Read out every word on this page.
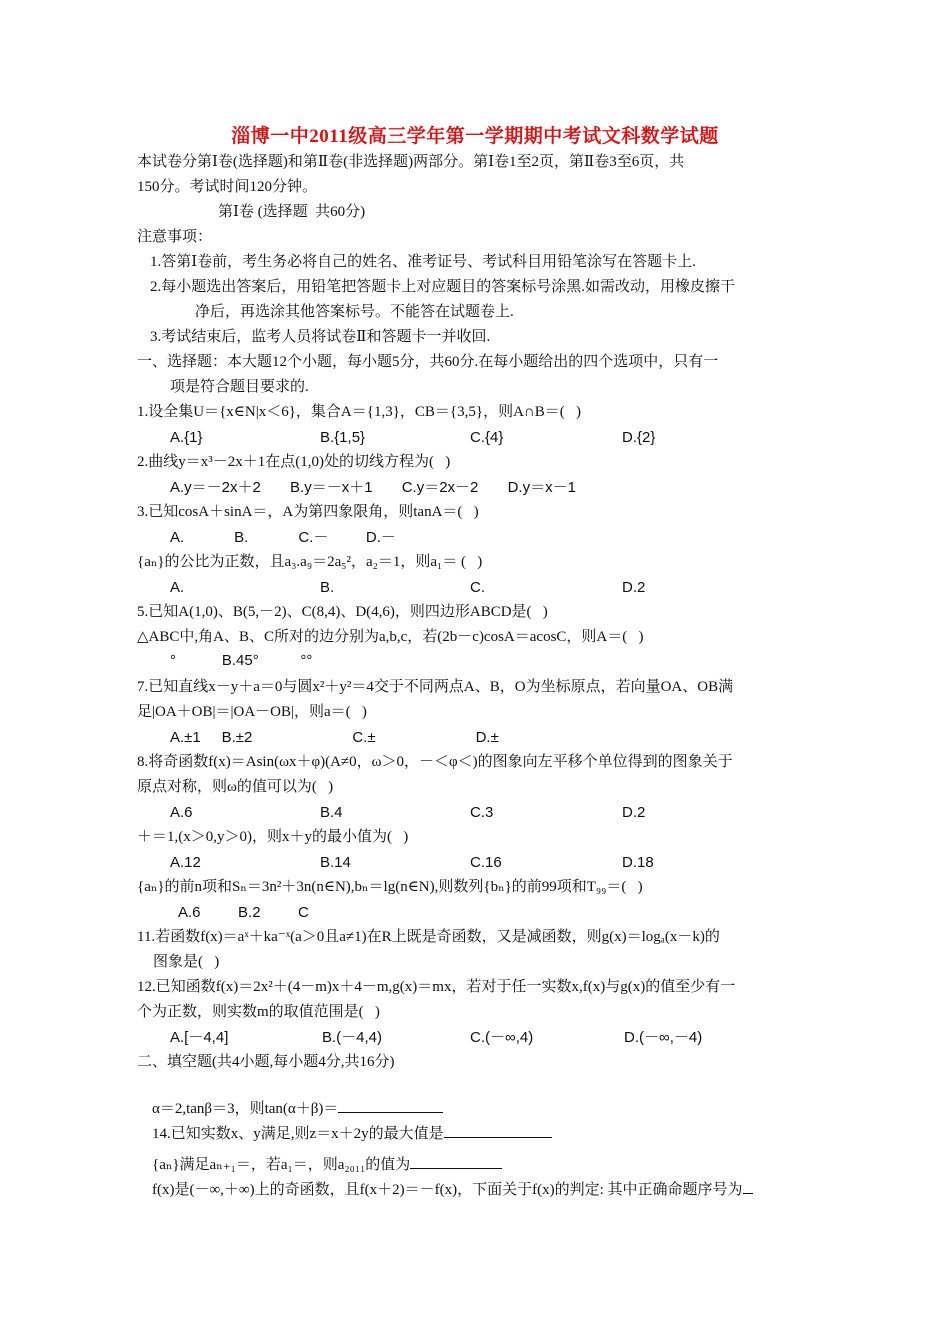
淄博一中2011级高三学年第一学期期中考试文科数学试题
本试卷分第Ⅰ卷(选择题)和第Ⅱ卷(非选择题)两部分。第Ⅰ卷1至2页，第Ⅱ卷3至6页，共
150分。考试时间120分钟。
第Ⅰ卷 (选择题  共60分)
注意事项：
1.答第Ⅰ卷前，考生务必将自己的姓名、准考证号、考试科目用铅笔涂写在答题卡上.
2.每小题选出答案后，用铅笔把答题卡上对应题目的答案标号涂黑.如需改动，用橡皮擦干
净后，再选涂其他答案标号。不能答在试题卷上.
3.考试结束后，监考人员将试卷Ⅱ和答题卡一并收回.
一、选择题：本大题12个小题，每小题5分，共60分.在每小题给出的四个选项中，只有一
项是符合题目要求的.
1.设全集U＝{x∈N|x＜6}，集合A＝{1,3}，CB＝{3,5}，则A∩B＝(   )
A.{1}	B.{1,5}	C.{4}	D.{2}
2.曲线y＝x³－2x＋1在点(1,0)处的切线方程为(   )
A.y＝－2x＋2       B.y＝－x＋1       C.y＝2x－2       D.y＝x－1
3.已知cosA＋sinA＝，A为第四象限角，则tanA＝(   )
A.            B.            C.－         D.－
{aₙ}的公比为正数，且a₃.a₉＝2a₅²，a₂＝1，则a₁＝ (   )
A.	B.	C.	D.2
5.已知A(1,0)、B(5,－2)、C(8,4)、D(4,6)，则四边形ABCD是(   )
△ABC中,角A、B、C所对的边分别为a,b,c，若(2b－c)cosA＝acosC，则A＝(   )
°           B.45°          °°
7.已知直线x－y＋a＝0与圆x²＋y²＝4交于不同两点A、B，O为坐标原点，若向量OA、OB满
足|OA＋OB|＝|OA－OB|，则a＝(   )
A.±1     B.±2                        C.±                        D.±
8.将奇函数f(x)＝Asin(ωx＋φ)(A≠0，ω＞0，－＜φ＜)的图象向左平移个单位得到的图象关于
原点对称，则ω的值可以为(   )
A.6	B.4	C.3	D.2
＋＝1,(x＞0,y＞0)，则x＋y的最小值为(   )
A.12	B.14	C.16	D.18
{aₙ}的前n项和Sₙ＝3n²＋3n(n∈N),bₙ＝lg(n∈N),则数列{bₙ}的前99项和T₉₉＝(   )
A.6         B.2         C
11.若函数f(x)＝aˣ＋ka⁻ˣ(a＞0且a≠1)在R上既是奇函数，又是减函数，则g(x)＝logₐ(x－k)的
图象是(   )
12.已知函数f(x)＝2x²＋(4－m)x＋4－m,g(x)＝mx，若对于任一实数x,f(x)与g(x)的值至少有一
个为正数，则实数m的取值范围是(   )
A.[－4,4]	B.(－4,4)	C.(－∞,4)	D.(－∞,－4)
二、填空题(共4小题,每小题4分,共16分)

α＝2,tanβ＝3，则tan(α＋β)＝

14.已知实数x、y满足,则z＝x＋2y的最大值是

{aₙ}满足aₙ₊₁＝，若a₁＝，则a₂₀₁₁的值为

f(x)是(－∞,＋∞)上的奇函数，且f(x＋2)＝－f(x)，下面关于f(x)的判定: 其中正确命题序号为
